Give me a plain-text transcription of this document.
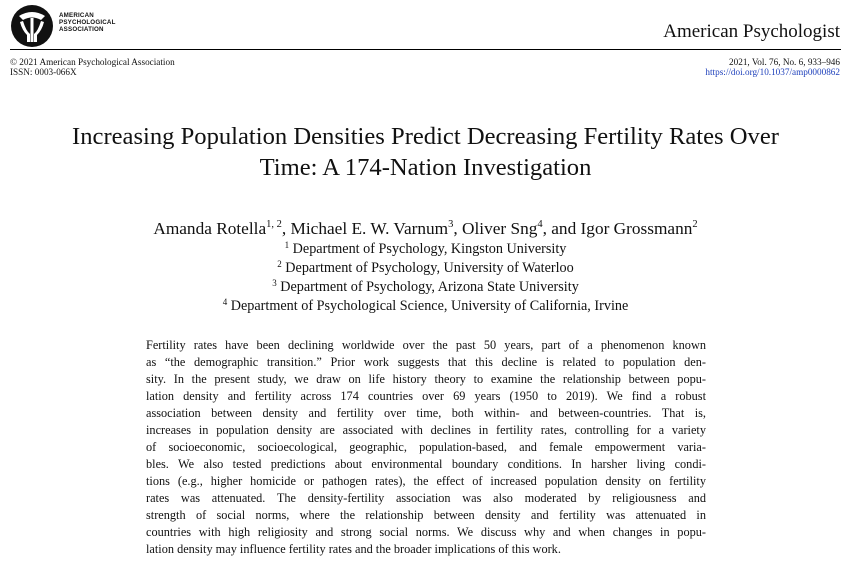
AMERICAN
PSYCHOLOGICAL
ASSOCIATION	American Psychologist
© 2021 American Psychological Association
ISSN: 0003-066X
2021, Vol. 76, No. 6, 933–946
https://doi.org/10.1037/amp0000862
Increasing Population Densities Predict Decreasing Fertility Rates Over
Time: A 174-Nation Investigation
Amanda Rotella$^{1, 2}$, Michael E. W. Varnum$^3$, Oliver Sng$^4$, and Igor Grossmann$^2$
$^1$ Department of Psychology, Kingston University
$^2$ Department of Psychology, University of Waterloo
$^3$ Department of Psychology, Arizona State University
$^4$ Department of Psychological Science, University of California, Irvine
Fertility rates have been declining worldwide over the past 50 years, part of a phenomenon known
as “the demographic transition.” Prior work suggests that this decline is related to population den-
sity. In the present study, we draw on life history theory to examine the relationship between popu-
lation density and fertility across 174 countries over 69 years (1950 to 2019). We find a robust
association between density and fertility over time, both within- and between-countries. That is,
increases in population density are associated with declines in fertility rates, controlling for a variety
of socioeconomic, socioecological, geographic, population-based, and female empowerment varia-
bles. We also tested predictions about environmental boundary conditions. In harsher living condi-
tions (e.g., higher homicide or pathogen rates), the effect of increased population density on fertility
rates was attenuated. The density-fertility association was also moderated by religiousness and
strength of social norms, where the relationship between density and fertility was attenuated in
countries with high religiosity and strong social norms. We discuss why and when changes in popu-
lation density may influence fertility rates and the broader implications of this work.
